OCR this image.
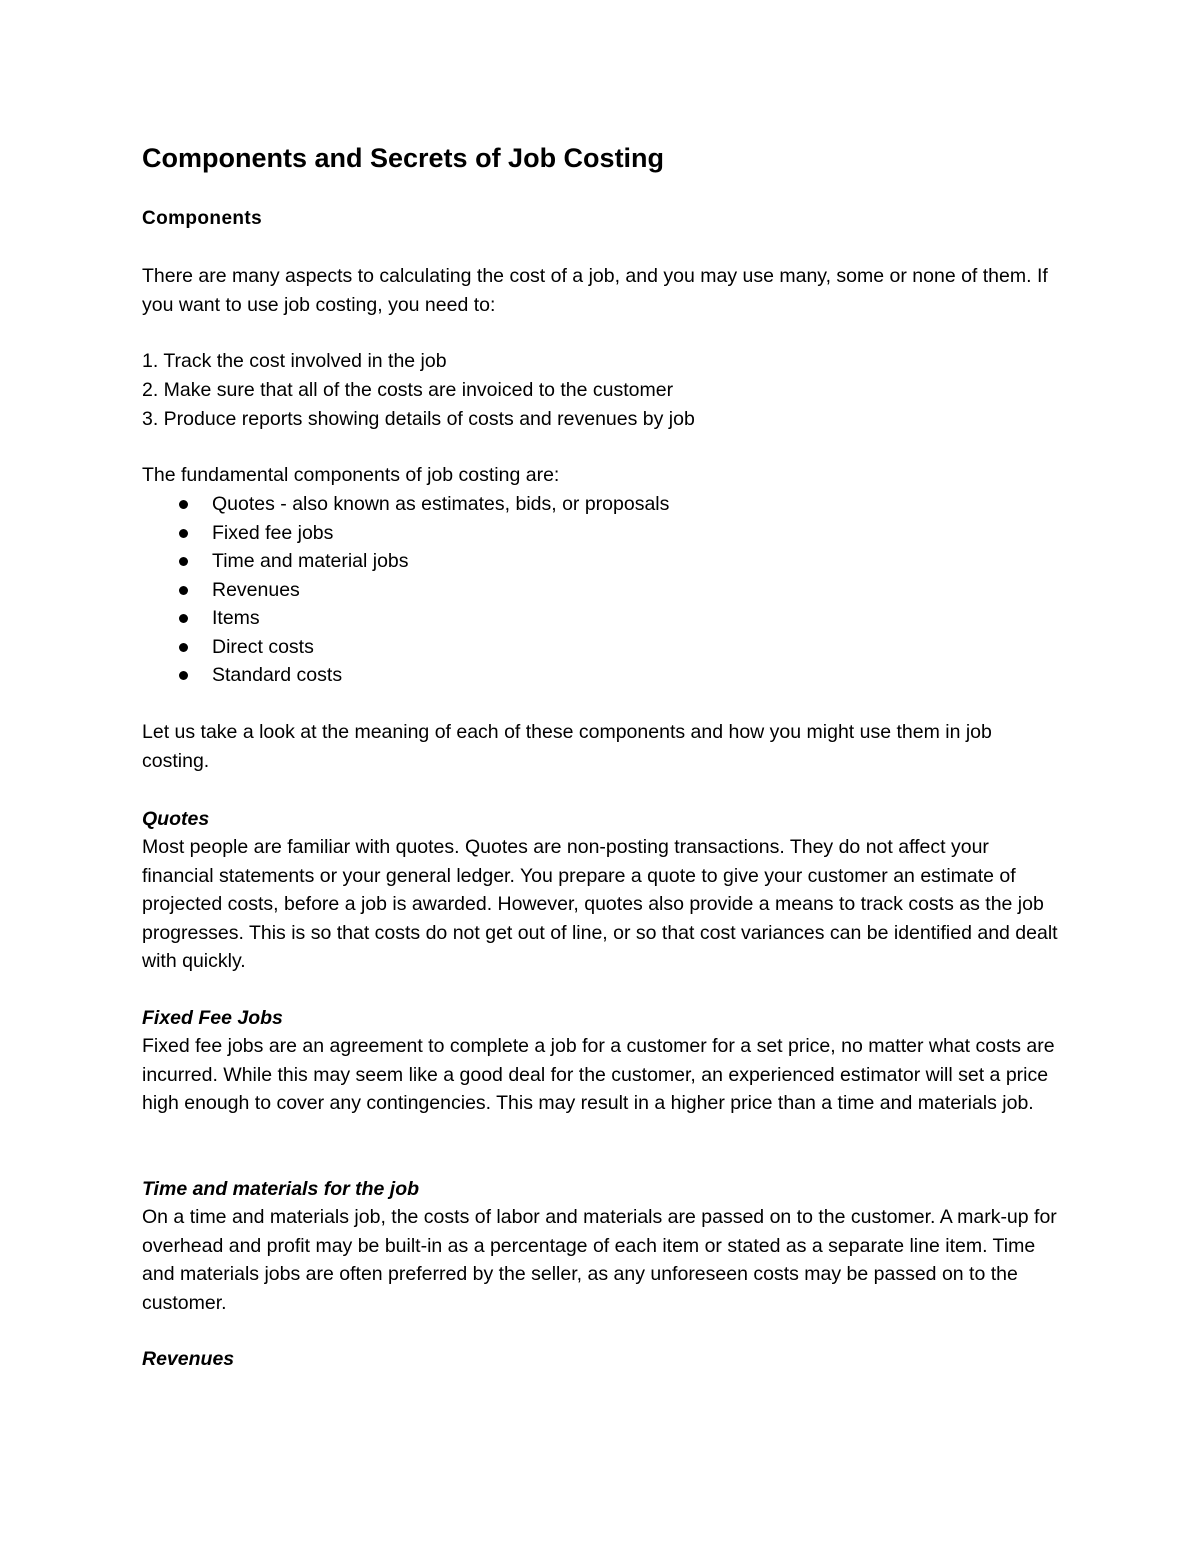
Components and Secrets of Job Costing
Components

There are many aspects to calculating the cost of a job, and you may use many, some or none of them. If you want to use job costing, you need to:

1. Track the cost involved in the job
2. Make sure that all of the costs are invoiced to the customer
3. Produce reports showing details of costs and revenues by job

The fundamental components of job costing are:

Quotes - also known as estimates, bids, or proposals
Fixed fee jobs
Time and material jobs
Revenues
Items
Direct costs
Standard costs

Let us take a look at the meaning of each of these components and how you might use them in job costing.

Quotes

Most people are familiar with quotes. Quotes are non-posting transactions. They do not affect your financial statements or your general ledger. You prepare a quote to give your customer an estimate of projected costs, before a job is awarded. However, quotes also provide a means to track costs as the job progresses. This is so that costs do not get out of line, or so that cost variances can be identified and dealt with quickly.

Fixed Fee Jobs

Fixed fee jobs are an agreement to complete a job for a customer for a set price, no matter what costs are incurred. While this may seem like a good deal for the customer, an experienced estimator will set a price high enough to cover any contingencies. This may result in a higher price than a time and materials job.

Time and materials for the job

On a time and materials job, the costs of labor and materials are passed on to the customer. A mark-up for overhead and profit may be built-in as a percentage of each item or stated as a separate line item. Time and materials jobs are often preferred by the seller, as any unforeseen costs may be passed on to the customer.

Revenues
